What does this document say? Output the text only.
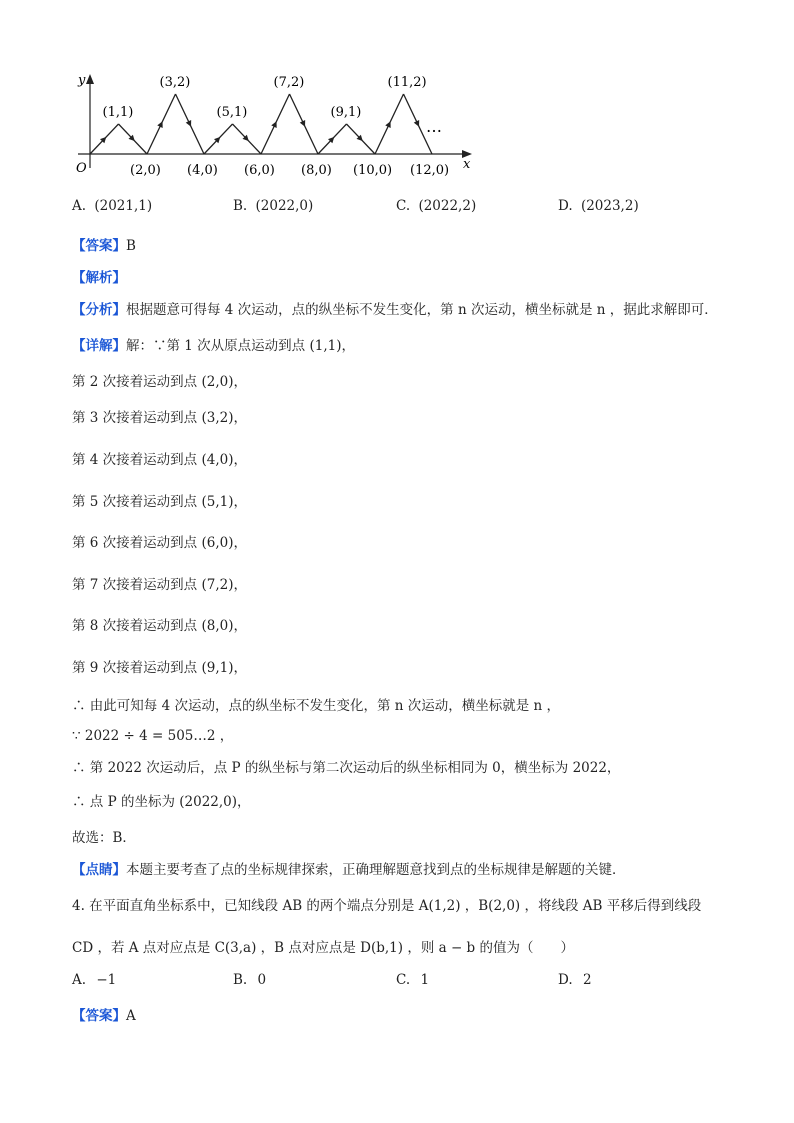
y
x
O
(1,1)
(3,2)
(5,1)
(7,2)
(9,1)
(11,2)
(2,0) (4,0) (6,0) (8,0) (10,0) (12,0)
…
A. (2021,1)	B. (2022,0)	C. (2022,2)	D. (2023,2)
【答案】B
【解析】
【分析】根据题意可得每 4 次运动，点的纵坐标不发生变化，第 n 次运动，横坐标就是 n ，据此求解即可．
【详解】解：∵第 1 次从原点运动到点 (1,1)，
第 2 次接着运动到点 (2,0)，
第 3 次接着运动到点 (3,2)，
第 4 次接着运动到点 (4,0)，
第 5 次接着运动到点 (5,1)，
第 6 次接着运动到点 (6,0)，
第 7 次接着运动到点 (7,2)，
第 8 次接着运动到点 (8,0)，
第 9 次接着运动到点 (9,1)，
∴ 由此可知每 4 次运动，点的纵坐标不发生变化，第 n 次运动，横坐标就是 n ，
∵ 2022 ÷ 4 = 505…2 ，
∴ 第 2022 次运动后，点 P 的纵坐标与第二次运动后的纵坐标相同为 0，横坐标为 2022，
∴ 点 P 的坐标为 (2022,0)，
故选：B．
【点睛】本题主要考查了点的坐标规律探索，正确理解题意找到点的坐标规律是解题的关键．
4. 在平面直角坐标系中，已知线段 AB 的两个端点分别是 A(1,2) ，B(2,0) ，将线段 AB 平移后得到线段
CD ，若 A 点对应点是 C(3,a) ，B 点对应点是 D(b,1) ，则 a − b 的值为（　　）
A. −1	B. 0	C. 1	D. 2
【答案】A
